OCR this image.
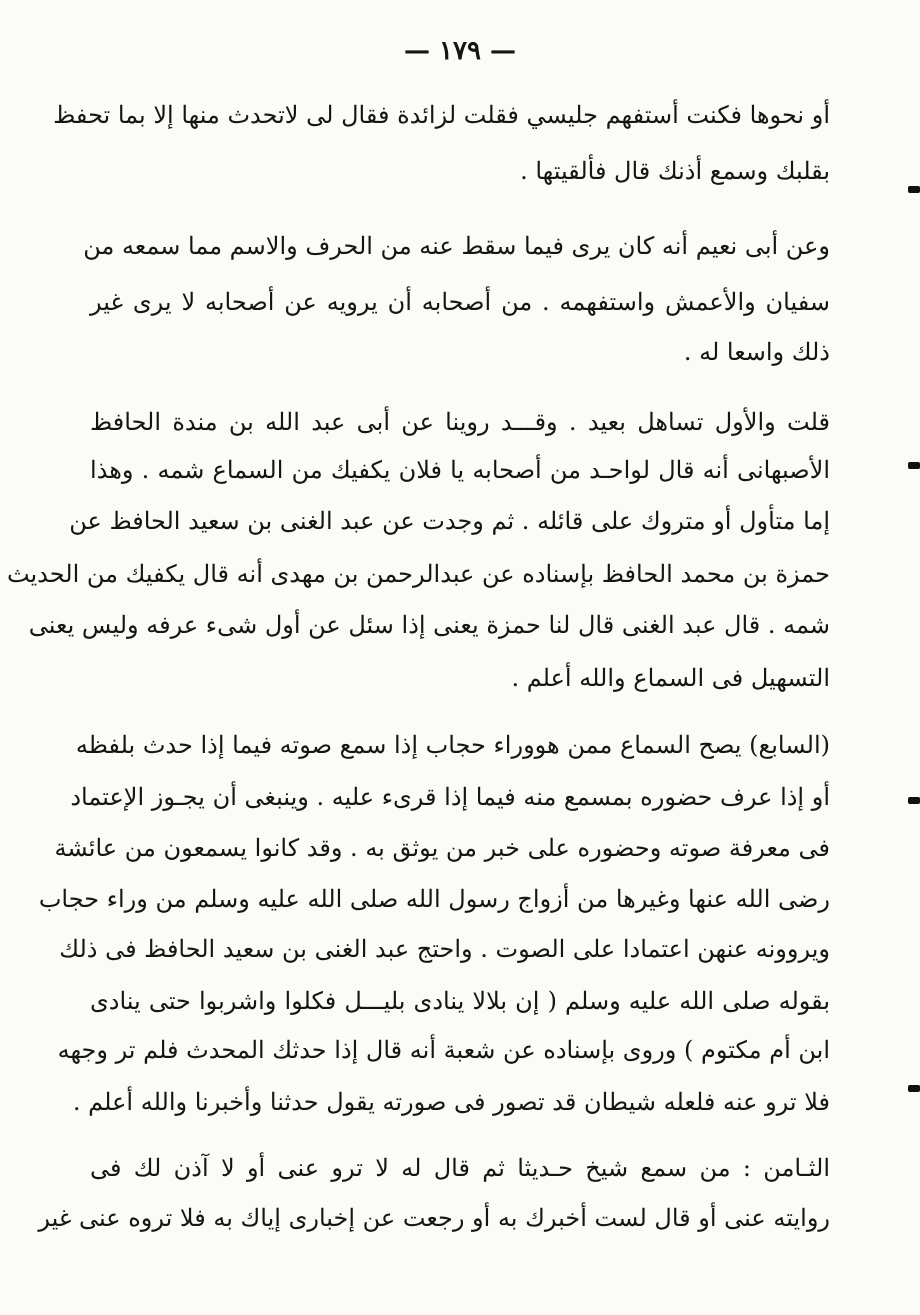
— ١٧٩ —
أو نحوها فكنت أستفهم جليسي فقلت لزائدة فقال لى لاتحدث منها إلا بما تحفظ
بقلبك وسمع أذنك قال فألقيتها .
وعن أبى نعيم أنه كان يرى فيما سقط عنه من الحرف والاسم مما سمعه من
سفيان والأعمش واستفهمه . من أصحابه أن يرويه عن أصحابه لا يرى غير
ذلك واسعا له .
قلت والأول تساهل بعيد . وقـــد روينا عن أبى عبد الله بن مندة الحافظ
الأصبهانى أنه قال لواحـد من أصحابه يا فلان يكفيك من السماع شمه . وهذا
إما متأول أو متروك على قائله . ثم وجدت عن عبد الغنى بن سعيد الحافظ عن
حمزة بن محمد الحافظ بإسناده عن عبدالرحمن بن مهدى أنه قال يكفيك من الحديث
شمه . قال عبد الغنى قال لنا حمزة يعنى إذا سئل عن أول شىء عرفه وليس يعنى
التسهيل فى السماع والله أعلم .
(السابع) يصح السماع ممن هووراء حجاب إذا سمع صوته فيما إذا حدث بلفظه
أو إذا عرف حضوره بمسمع منه فيما إذا قرىء عليه . وينبغى أن يجـوز الإعتماد
فى معرفة صوته وحضوره على خبر من يوثق به . وقد كانوا يسمعون من عائشة
رضى الله عنها وغيرها من أزواج رسول الله صلى الله عليه وسلم من وراء حجاب
ويروونه عنهن اعتمادا على الصوت . واحتج عبد الغنى بن سعيد الحافظ فى ذلك
بقوله صلى الله عليه وسلم ( إن بلالا ينادى بليـــل فكلوا واشربوا حتى ينادى
ابن أم مكتوم ) وروى بإسناده عن شعبة أنه قال إذا حدثك المحدث فلم تر وجهه
فلا ترو عنه فلعله شيطان قد تصور فى صورته يقول حدثنا وأخبرنا والله أعلم .
الثـامن : من سمع شيخ حـديثا ثم قال له لا ترو عنى أو لا آذن لك فى
روايته عنى أو قال لست أخبرك به أو رجعت عن إخبارى إياك به فلا تروه عنى غير
